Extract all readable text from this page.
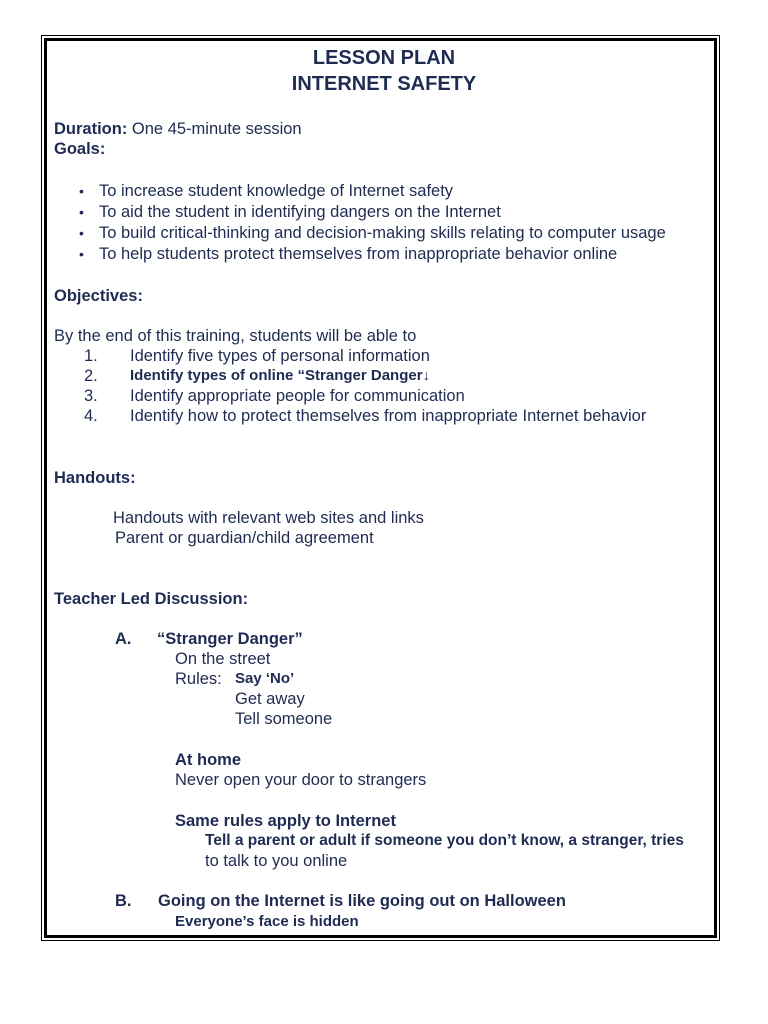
LESSON PLAN
INTERNET SAFETY
Duration: One 45-minute session
Goals:
• To increase student knowledge of Internet safety
• To aid the student in identifying dangers on the Internet
• To build critical-thinking and decision-making skills relating to computer usage
• To help students protect themselves from inappropriate behavior online
Objectives:
By the end of this training, students will be able to
1. Identify five types of personal information
2. Identify types of online “Stranger Danger↓
3. Identify appropriate people for communication
4. Identify how to protect themselves from inappropriate Internet behavior
Handouts:
Handouts with relevant web sites and links
Parent or guardian/child agreement
Teacher Led Discussion:
A. “Stranger Danger”
On the street
Rules: Say ‘No’
Get away
Tell someone
At home
Never open your door to strangers
Same rules apply to Internet
Tell a parent or adult if someone you don’t know, a stranger, tries
to talk to you online
B. Going on the Internet is like going out on Halloween
Everyone’s face is hidden
